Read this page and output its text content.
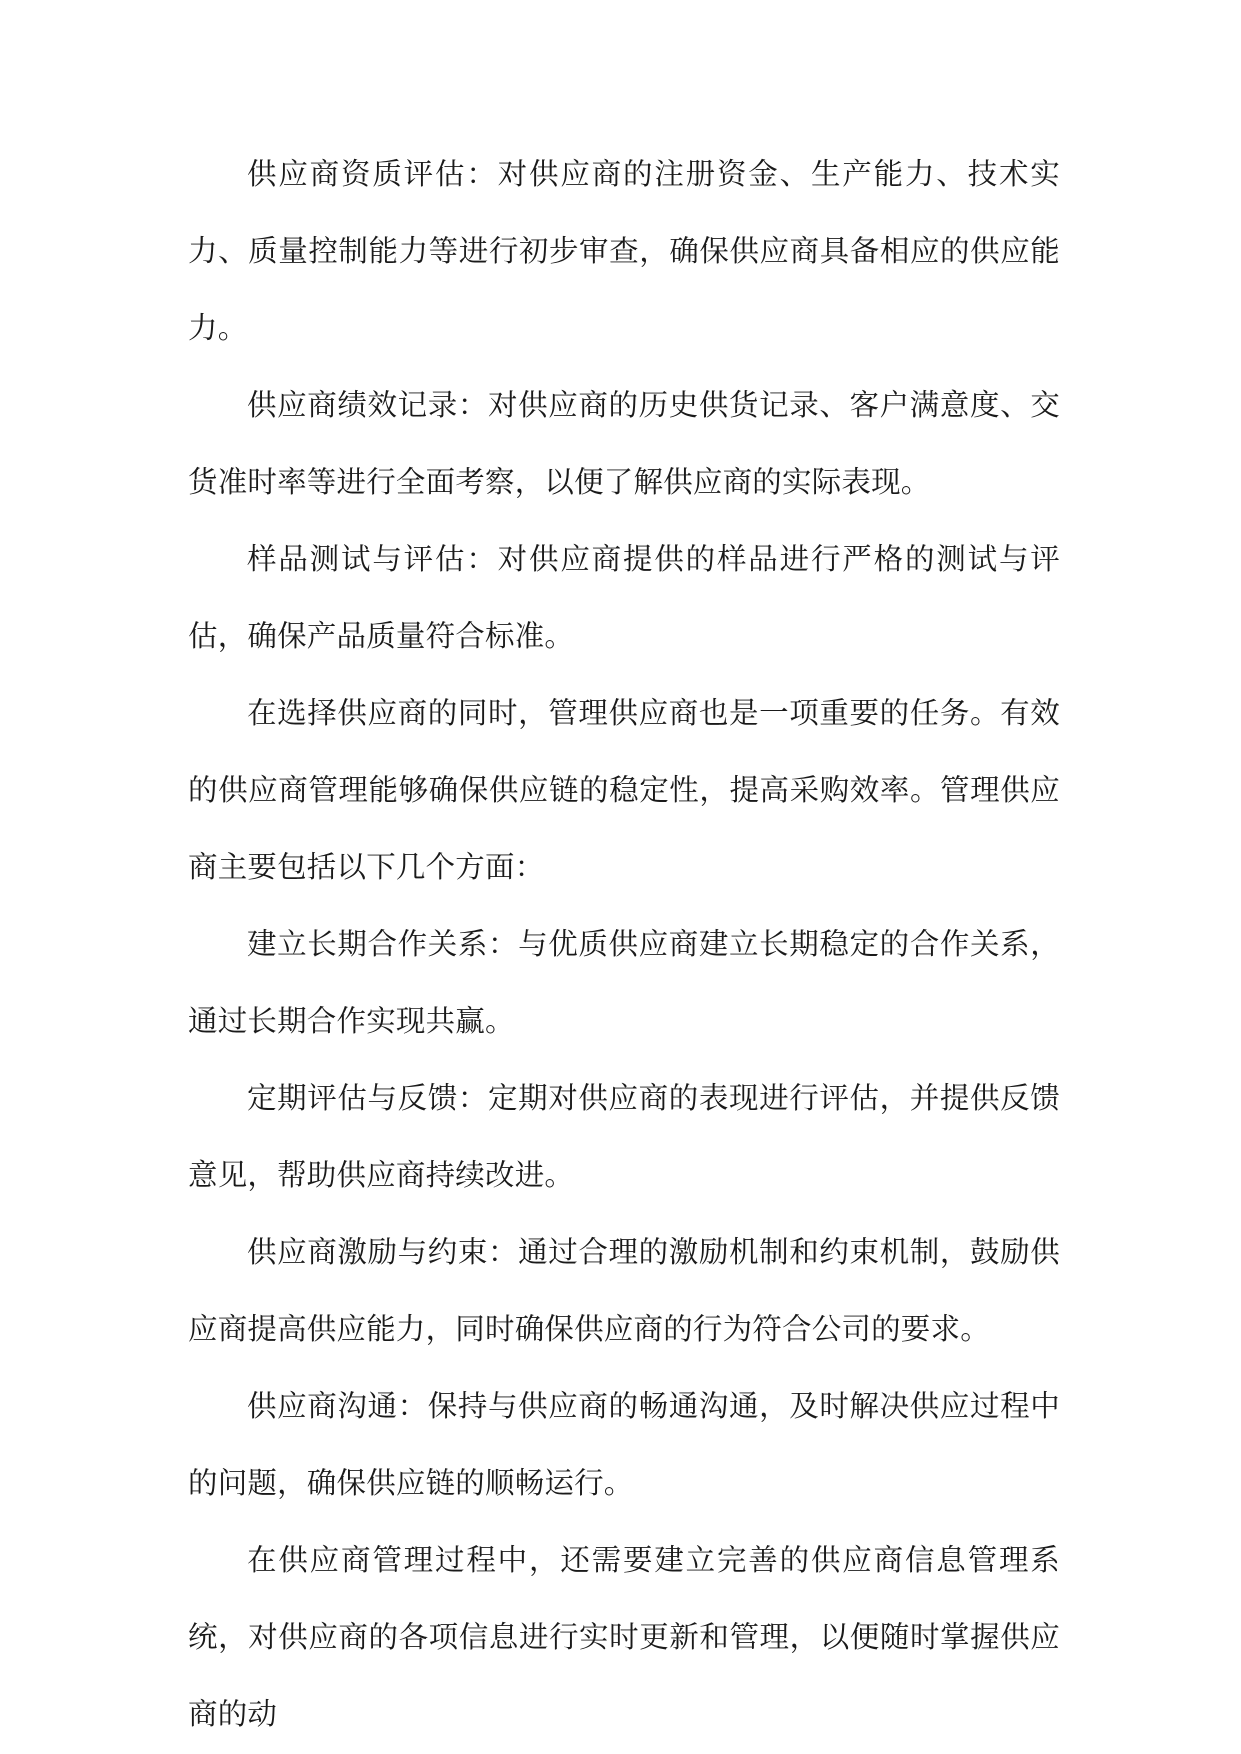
供应商资质评估：对供应商的注册资金、生产能力、技术实力、质量控制能力等进行初步审查，确保供应商具备相应的供应能力。

供应商绩效记录：对供应商的历史供货记录、客户满意度、交货准时率等进行全面考察，以便了解供应商的实际表现。

样品测试与评估：对供应商提供的样品进行严格的测试与评估，确保产品质量符合标准。

在选择供应商的同时，管理供应商也是一项重要的任务。有效的供应商管理能够确保供应链的稳定性，提高采购效率。管理供应商主要包括以下几个方面：

建立长期合作关系：与优质供应商建立长期稳定的合作关系，通过长期合作实现共赢。

定期评估与反馈：定期对供应商的表现进行评估，并提供反馈意见，帮助供应商持续改进。

供应商激励与约束：通过合理的激励机制和约束机制，鼓励供应商提高供应能力，同时确保供应商的行为符合公司的要求。

供应商沟通：保持与供应商的畅通沟通，及时解决供应过程中的问题，确保供应链的顺畅运行。

在供应商管理过程中，还需要建立完善的供应商信息管理系统，对供应商的各项信息进行实时更新和管理，以便随时掌握供应商的动
